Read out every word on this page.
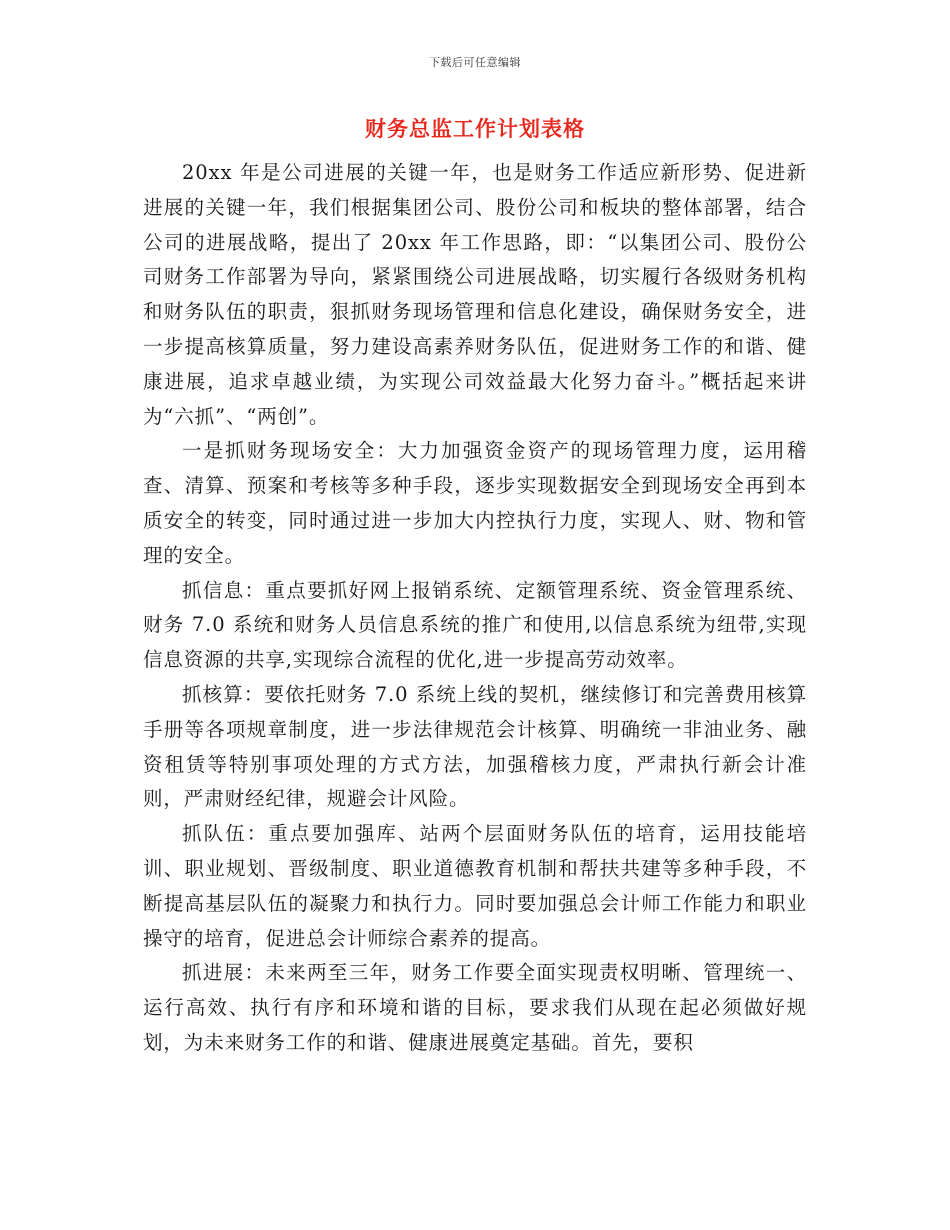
下载后可任意编辑
财务总监工作计划表格

20xx 年是公司进展的关键一年，也是财务工作适应新形势、促进新进展的关键一年，我们根据集团公司、股份公司和板块的整体部署，结合公司的进展战略，提出了 20xx 年工作思路，即：“以集团公司、股份公司财务工作部署为导向，紧紧围绕公司进展战略，切实履行各级财务机构和财务队伍的职责，狠抓财务现场管理和信息化建设，确保财务安全，进一步提高核算质量，努力建设高素养财务队伍，促进财务工作的和谐、健康进展，追求卓越业绩，为实现公司效益最大化努力奋斗。”概括起来讲为“六抓”、“两创”。

一是抓财务现场安全：大力加强资金资产的现场管理力度，运用稽查、清算、预案和考核等多种手段，逐步实现数据安全到现场安全再到本质安全的转变，同时通过进一步加大内控执行力度，实现人、财、物和管理的安全。

抓信息：重点要抓好网上报销系统、定额管理系统、资金管理系统、财务 7.0 系统和财务人员信息系统的推广和使用,以信息系统为纽带,实现信息资源的共享,实现综合流程的优化,进一步提高劳动效率。

抓核算：要依托财务 7.0 系统上线的契机，继续修订和完善费用核算手册等各项规章制度，进一步法律规范会计核算、明确统一非油业务、融资租赁等特别事项处理的方式方法，加强稽核力度，严肃执行新会计准则，严肃财经纪律，规避会计风险。

抓队伍：重点要加强库、站两个层面财务队伍的培育，运用技能培训、职业规划、晋级制度、职业道德教育机制和帮扶共建等多种手段，不断提高基层队伍的凝聚力和执行力。同时要加强总会计师工作能力和职业操守的培育，促进总会计师综合素养的提高。

抓进展：未来两至三年，财务工作要全面实现责权明晰、管理统一、运行高效、执行有序和环境和谐的目标，要求我们从现在起必须做好规划，为未来财务工作的和谐、健康进展奠定基础。首先，要积
